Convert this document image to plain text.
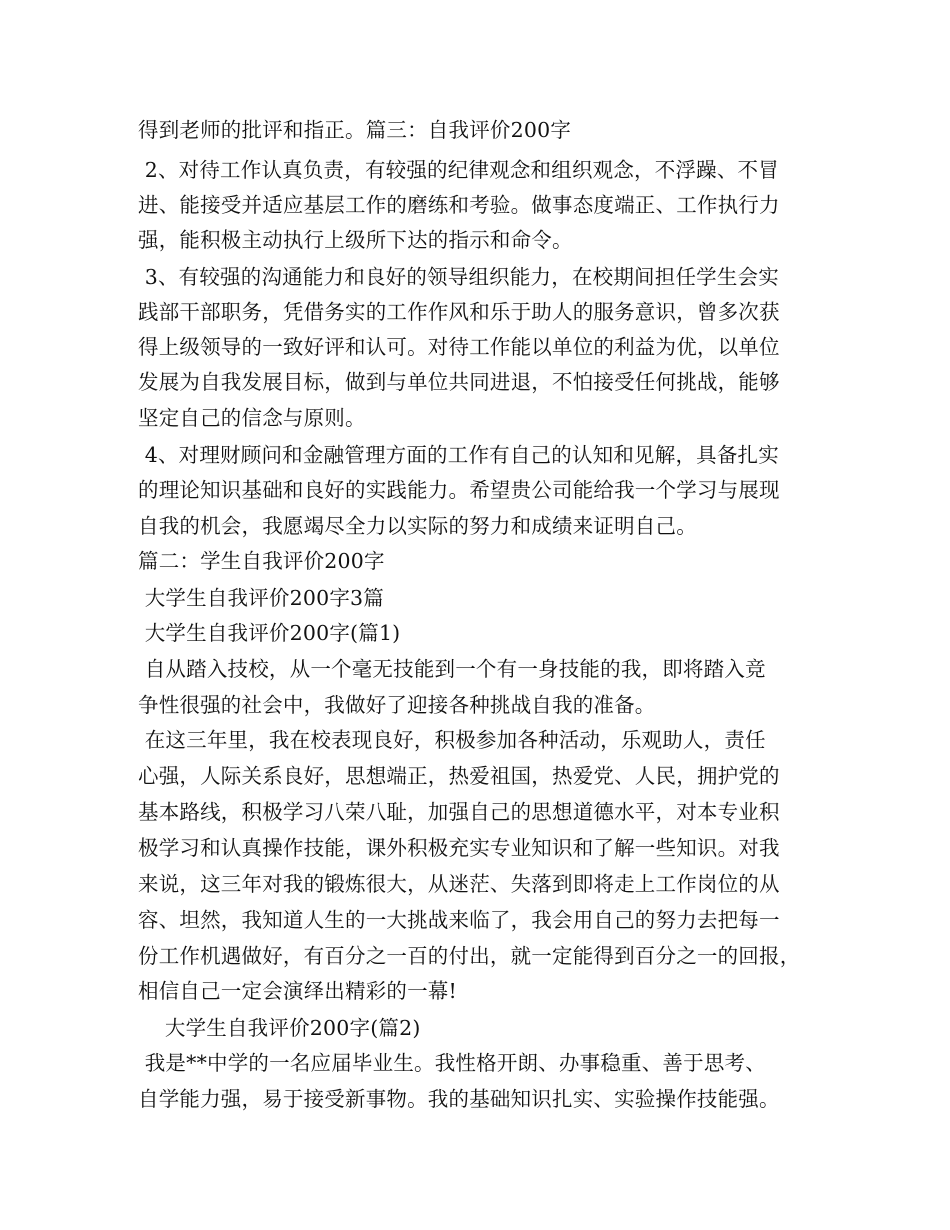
得到老师的批评和指正。篇三：自我评价200字
2、对待工作认真负责，有较强的纪律观念和组织观念，不浮躁、不冒
进、能接受并适应基层工作的磨练和考验。做事态度端正、工作执行力
强，能积极主动执行上级所下达的指示和命令。
3、有较强的沟通能力和良好的领导组织能力，在校期间担任学生会实
践部干部职务，凭借务实的工作作风和乐于助人的服务意识，曾多次获
得上级领导的一致好评和认可。对待工作能以单位的利益为优，以单位
发展为自我发展目标，做到与单位共同进退，不怕接受任何挑战，能够
坚定自己的信念与原则。
4、对理财顾问和金融管理方面的工作有自己的认知和见解，具备扎实
的理论知识基础和良好的实践能力。希望贵公司能给我一个学习与展现
自我的机会，我愿竭尽全力以实际的努力和成绩来证明自己。
篇二：学生自我评价200字
大学生自我评价200字3篇
大学生自我评价200字(篇1)
自从踏入技校，从一个毫无技能到一个有一身技能的我，即将踏入竞
争性很强的社会中，我做好了迎接各种挑战自我的准备。
在这三年里，我在校表现良好，积极参加各种活动，乐观助人，责任
心强，人际关系良好，思想端正，热爱祖国，热爱党、人民，拥护党的
基本路线，积极学习八荣八耻，加强自己的思想道德水平，对本专业积
极学习和认真操作技能，课外积极充实专业知识和了解一些知识。对我
来说，这三年对我的锻炼很大，从迷茫、失落到即将走上工作岗位的从
容、坦然，我知道人生的一大挑战来临了，我会用自己的努力去把每一
份工作机遇做好，有百分之一百的付出，就一定能得到百分之一的回报，
相信自己一定会演绎出精彩的一幕!
大学生自我评价200字(篇2)
我是**中学的一名应届毕业生。我性格开朗、办事稳重、善于思考、
自学能力强，易于接受新事物。我的基础知识扎实、实验操作技能强。
